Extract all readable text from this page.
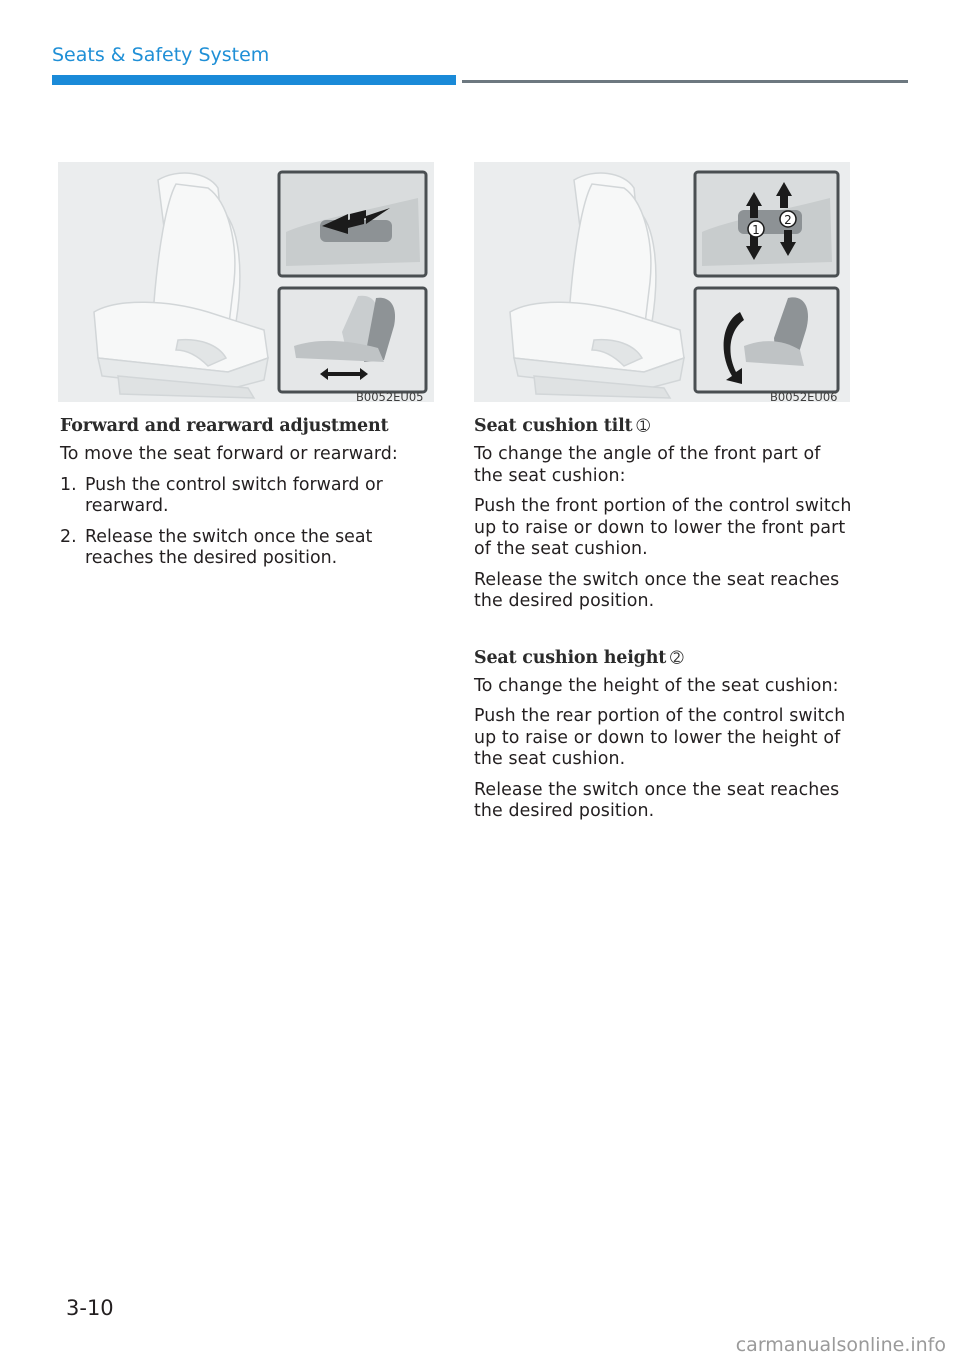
Seats & Safety System
B0052EU05
1
2
B0052EU06
Forward and rearward adjustment

To move the seat forward or rearward:

1. Push the control switch forward or rearward.
2. Release the switch once the seat reaches the desired position.
Seat cushion tilt ➀

To change the angle of the front part of the seat cushion:

Push the front portion of the control switch up to raise or down to lower the front part of the seat cushion.

Release the switch once the seat reaches the desired position.

Seat cushion height ➁

To change the height of the seat cushion:

Push the rear portion of the control switch up to raise or down to lower the height of the seat cushion.

Release the switch once the seat reaches the desired position.

3-10
carmanualsonline.info
